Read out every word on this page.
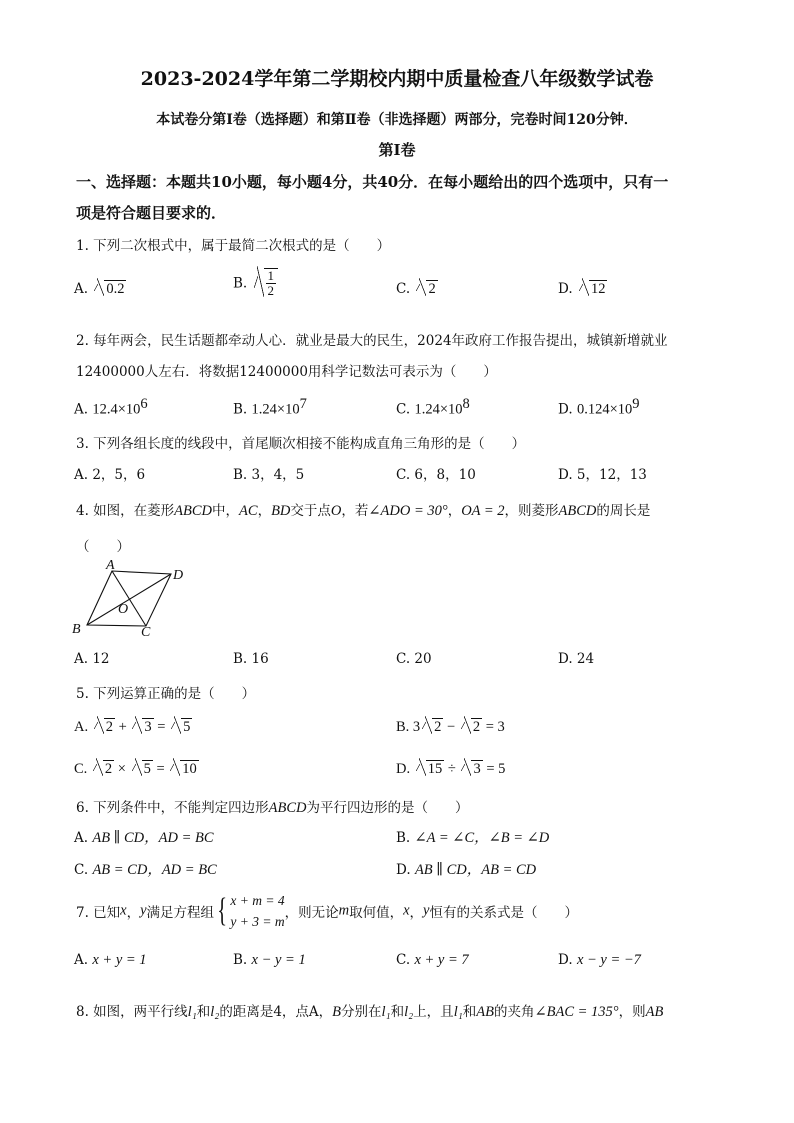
2023-2024学年第二学期校内期中质量检查八年级数学试卷
本试卷分第Ⅰ卷（选择题）和第Ⅱ卷（非选择题）两部分，完卷时间120分钟．
第Ⅰ卷
一、选择题：本题共10小题，每小题4分，共40分．在每小题给出的四个选项中，只有一
项是符合题目要求的．
1. 下列二次根式中，属于最简二次根式的是（　　）
A. 0.2	B. $\frac{1}{2}$	C. 2	D. 12
2. 每年两会，民生话题都牵动人心．就业是最大的民生，2024年政府工作报告提出，城镇新增就业
12400000人左右．将数据12400000用科学记数法可表示为（　　）
A. $12.4\times 10^6$	B. $1.24\times 10^7$	C. $1.24\times 10^8$	D. $0.124\times 10^9$
3. 下列各组长度的线段中，首尾顺次相接不能构成直角三角形的是（　　）
A. 2，5，6	B. 3，4，5	C. 6，8，10	D. 5，12，13
4. 如图，在菱形ABCD中，AC，BD交于点O，若∠ADO = 30°，OA = 2，则菱形ABCD的周长是
（　　）
A
D
B	C
O
A. 12	B. 16	C. 20	D. 24
5. 下列运算正确的是（　　）
A. 2 + 3 = 5	B. 3 2 − 2 = 3
C. 2 × 5 = 10	D. 15 ÷ 3 = 5
6. 下列条件中，不能判定四边形ABCD为平行四边形的是（　　）
A. AB ∥ CD，AD = BC	B. ∠A = ∠C，∠B = ∠D
C. AB = CD，AD = BC	D. AB ∥ CD，AB = CD
7. 已知x，y满足方程组{ x + m = 4
y + 3 = m
，则无论m取何值，x，y恒有的关系式是（　　）
A. x + y = 1	B. x − y = 1	C. x + y = 7	D. x − y = −7
8. 如图，两平行线l₁和l₂的距离是4，点A，B分别在l₁和l₂上，且l₁和AB的夹角∠BAC = 135°，则AB
